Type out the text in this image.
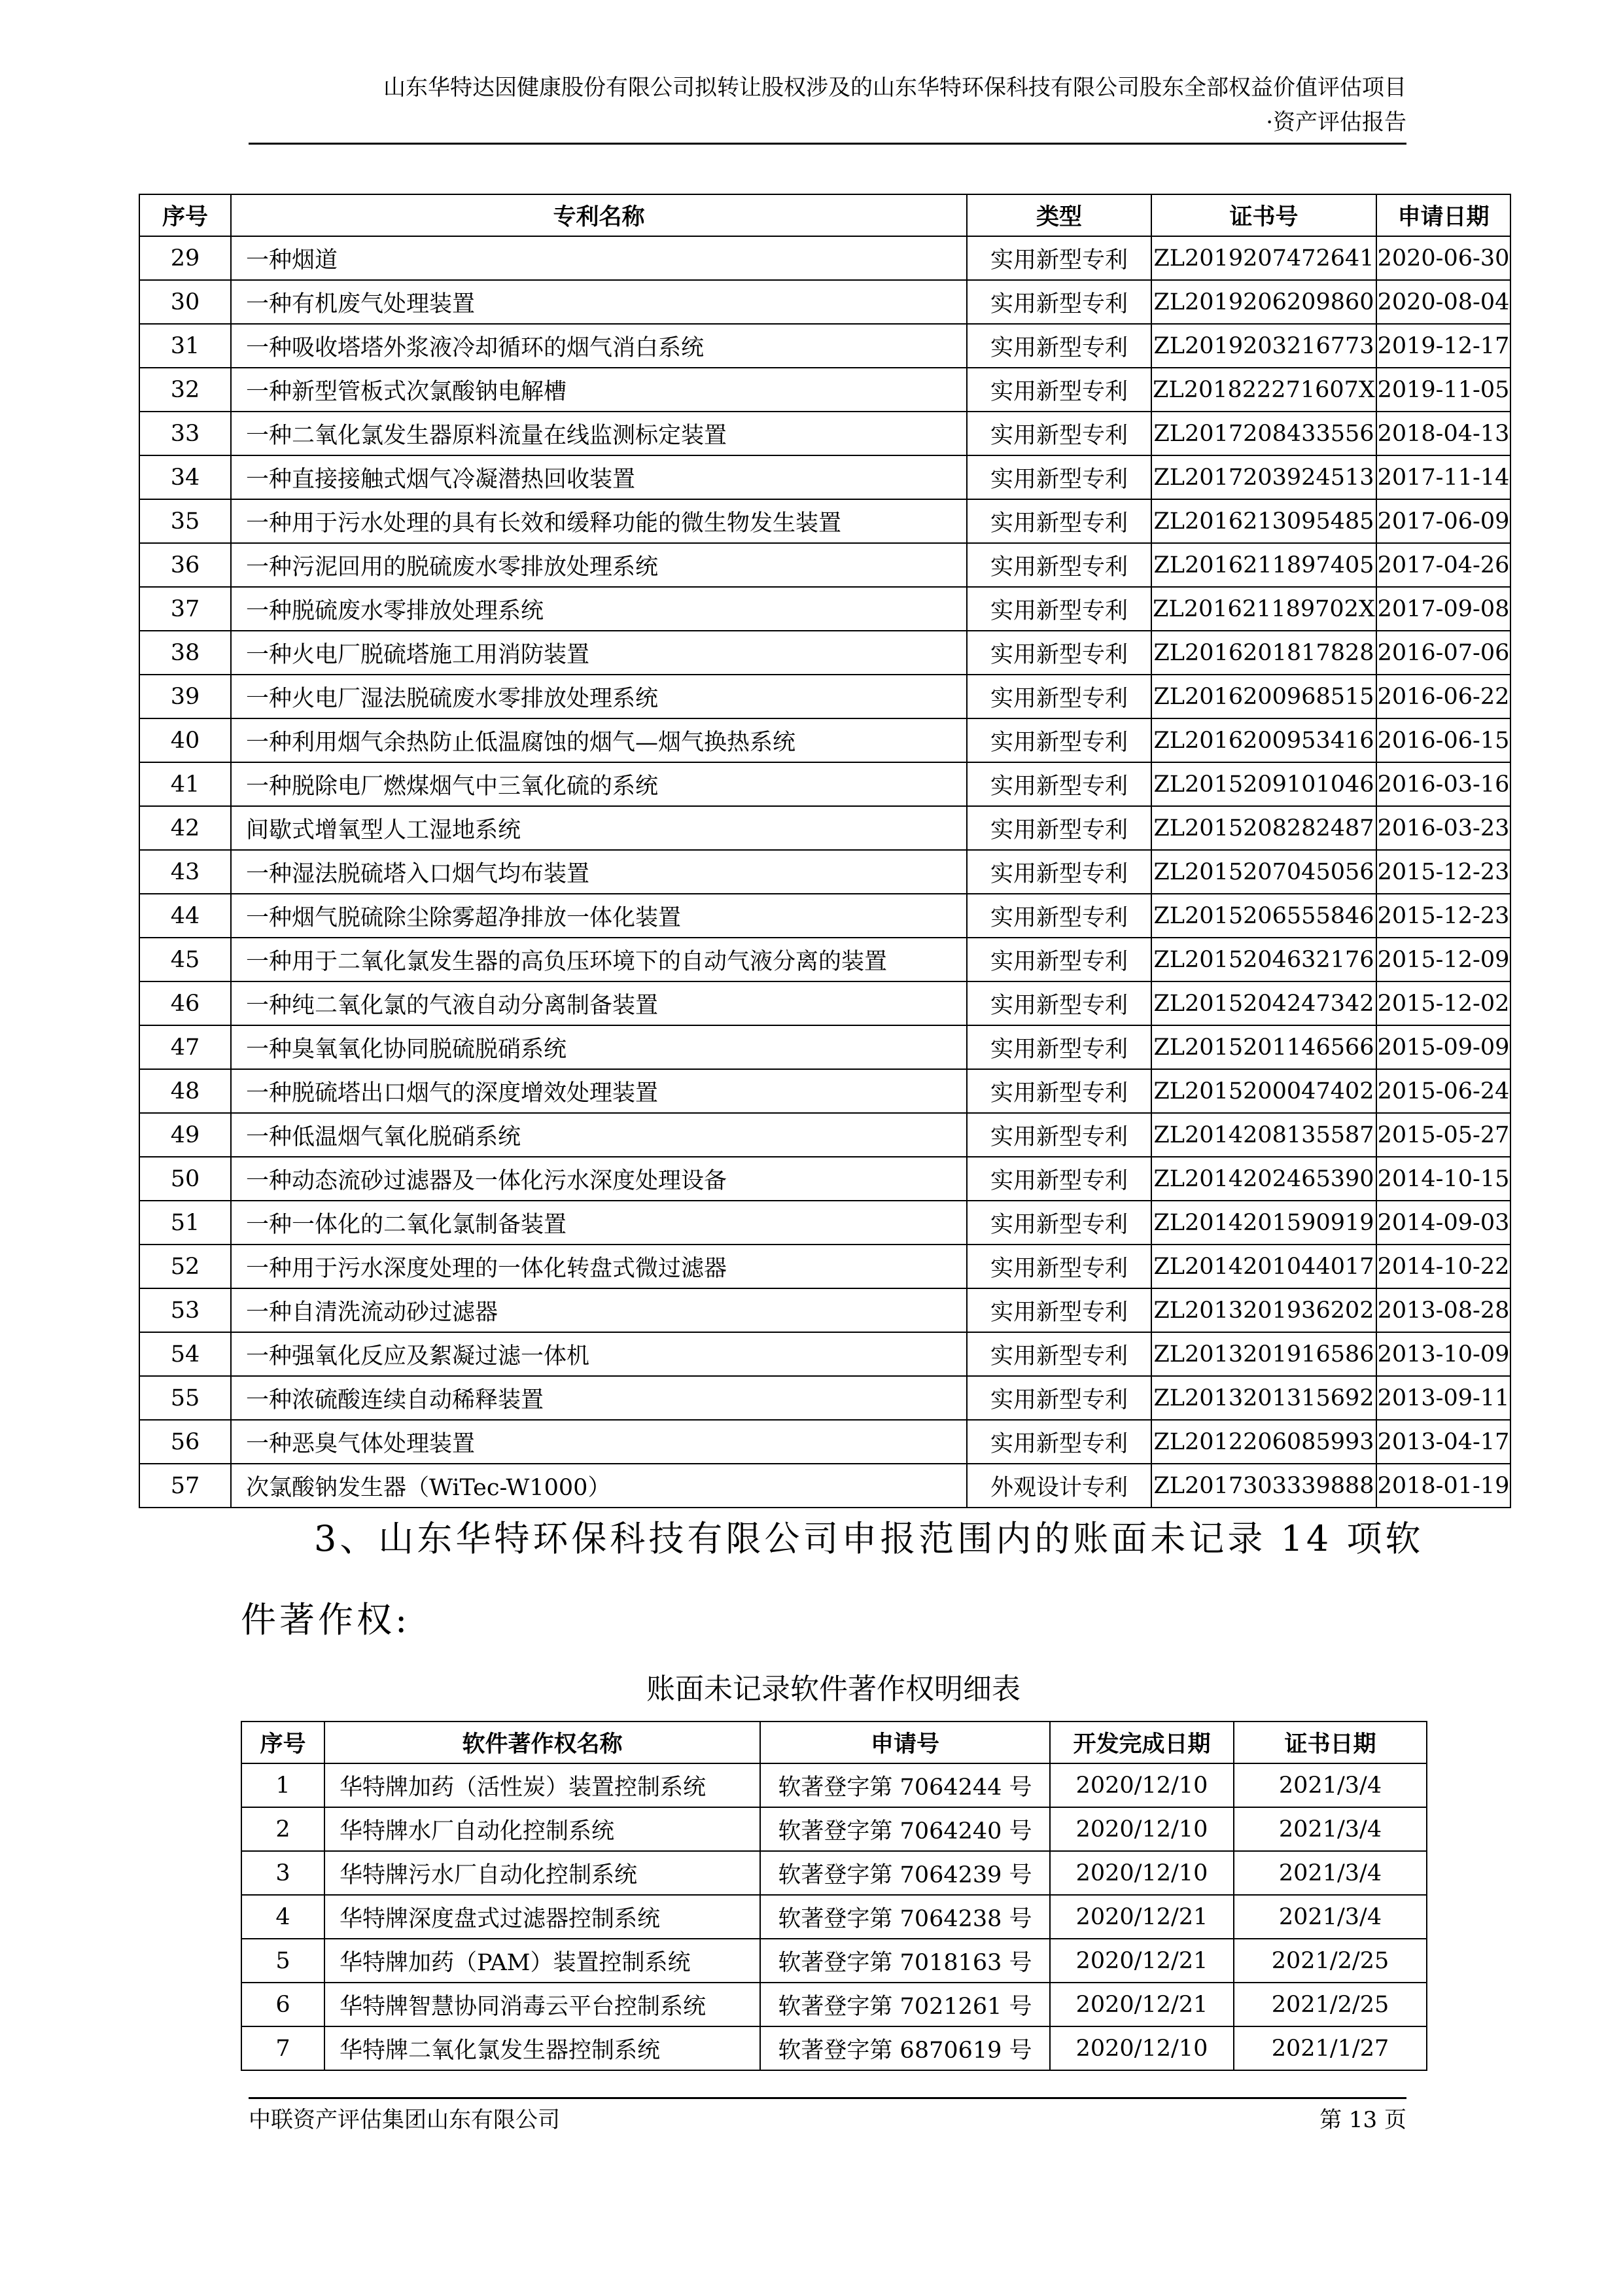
山东华特达因健康股份有限公司拟转让股权涉及的山东华特环保科技有限公司股东全部权益价值评估项目
·资产评估报告
序号	专利名称	类型	证书号	申请日期
29	一种烟道	实用新型专利	ZL2019207472641	2020-06-30
30	一种有机废气处理装置	实用新型专利	ZL2019206209860	2020-08-04
31	一种吸收塔塔外浆液冷却循环的烟气消白系统	实用新型专利	ZL2019203216773	2019-12-17
32	一种新型管板式次氯酸钠电解槽	实用新型专利	ZL201822271607X	2019-11-05
33	一种二氧化氯发生器原料流量在线监测标定装置	实用新型专利	ZL2017208433556	2018-04-13
34	一种直接接触式烟气冷凝潜热回收装置	实用新型专利	ZL2017203924513	2017-11-14
35	一种用于污水处理的具有长效和缓释功能的微生物发生装置	实用新型专利	ZL2016213095485	2017-06-09
36	一种污泥回用的脱硫废水零排放处理系统	实用新型专利	ZL2016211897405	2017-04-26
37	一种脱硫废水零排放处理系统	实用新型专利	ZL201621189702X	2017-09-08
38	一种火电厂脱硫塔施工用消防装置	实用新型专利	ZL2016201817828	2016-07-06
39	一种火电厂湿法脱硫废水零排放处理系统	实用新型专利	ZL2016200968515	2016-06-22
40	一种利用烟气余热防止低温腐蚀的烟气—烟气换热系统	实用新型专利	ZL2016200953416	2016-06-15
41	一种脱除电厂燃煤烟气中三氧化硫的系统	实用新型专利	ZL2015209101046	2016-03-16
42	间歇式增氧型人工湿地系统	实用新型专利	ZL2015208282487	2016-03-23
43	一种湿法脱硫塔入口烟气均布装置	实用新型专利	ZL2015207045056	2015-12-23
44	一种烟气脱硫除尘除雾超净排放一体化装置	实用新型专利	ZL2015206555846	2015-12-23
45	一种用于二氧化氯发生器的高负压环境下的自动气液分离的装置	实用新型专利	ZL2015204632176	2015-12-09
46	一种纯二氧化氯的气液自动分离制备装置	实用新型专利	ZL2015204247342	2015-12-02
47	一种臭氧氧化协同脱硫脱硝系统	实用新型专利	ZL2015201146566	2015-09-09
48	一种脱硫塔出口烟气的深度增效处理装置	实用新型专利	ZL2015200047402	2015-06-24
49	一种低温烟气氧化脱硝系统	实用新型专利	ZL2014208135587	2015-05-27
50	一种动态流砂过滤器及一体化污水深度处理设备	实用新型专利	ZL2014202465390	2014-10-15
51	一种一体化的二氧化氯制备装置	实用新型专利	ZL2014201590919	2014-09-03
52	一种用于污水深度处理的一体化转盘式微过滤器	实用新型专利	ZL2014201044017	2014-10-22
53	一种自清洗流动砂过滤器	实用新型专利	ZL2013201936202	2013-08-28
54	一种强氧化反应及絮凝过滤一体机	实用新型专利	ZL2013201916586	2013-10-09
55	一种浓硫酸连续自动稀释装置	实用新型专利	ZL2013201315692	2013-09-11
56	一种恶臭气体处理装置	实用新型专利	ZL2012206085993	2013-04-17
57	次氯酸钠发生器（WiTec-W1000）	外观设计专利	ZL2017303339888	2018-01-19
3、山东华特环保科技有限公司申报范围内的账面未记录 14 项软
件著作权:
账面未记录软件著作权明细表
序号	软件著作权名称	申请号	开发完成日期	证书日期
1	华特牌加药（活性炭）装置控制系统	软著登字第 7064244 号	2020/12/10	2021/3/4
2	华特牌水厂自动化控制系统	软著登字第 7064240 号	2020/12/10	2021/3/4
3	华特牌污水厂自动化控制系统	软著登字第 7064239 号	2020/12/10	2021/3/4
4	华特牌深度盘式过滤器控制系统	软著登字第 7064238 号	2020/12/21	2021/3/4
5	华特牌加药（PAM）装置控制系统	软著登字第 7018163 号	2020/12/21	2021/2/25
6	华特牌智慧协同消毒云平台控制系统	软著登字第 7021261 号	2020/12/21	2021/2/25
7	华特牌二氧化氯发生器控制系统	软著登字第 6870619 号	2020/12/10	2021/1/27
中联资产评估集团山东有限公司	第 13 页
